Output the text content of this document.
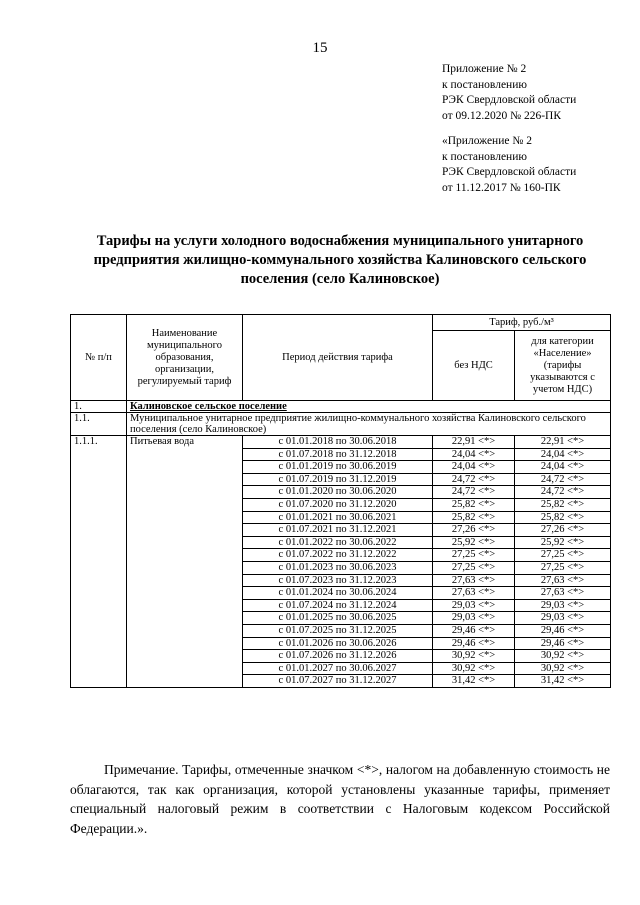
15
Приложение № 2
к постановлению
РЭК Свердловской области
от 09.12.2020 № 226-ПК
«Приложение № 2
к постановлению
РЭК Свердловской области
от 11.12.2017 № 160-ПК
Тарифы на услуги холодного водоснабжения муниципального унитарного предприятия жилищно-коммунального хозяйства Калиновского сельского поселения (село Калиновское)
№ п/п	Наименование муниципального образования, организации, регулируемый тариф	Период действия тарифа	Тариф, руб./м³	
			без НДС	для категории «Население» (тарифы указываются с учетом НДС)
1.	Калиновское сельское поселение			
1.1.	Муниципальное унитарное предприятие жилищно-коммунального хозяйства Калиновского сельского поселения (село Калиновское)			
1.1.1.	Питьевая вода	с 01.01.2018 по 30.06.2018	22,91 <*>	22,91 <*>
		с 01.07.2018 по 31.12.2018	24,04 <*>	24,04 <*>
		с 01.01.2019 по 30.06.2019	24,04 <*>	24,04 <*>
		с 01.07.2019 по 31.12.2019	24,72 <*>	24,72 <*>
		с 01.01.2020 по 30.06.2020	24,72 <*>	24,72 <*>
		с 01.07.2020 по 31.12.2020	25,82 <*>	25,82 <*>
		с 01.01.2021 по 30.06.2021	25,82 <*>	25,82 <*>
		с 01.07.2021 по 31.12.2021	27,26 <*>	27,26 <*>
		с 01.01.2022 по 30.06.2022	25,92 <*>	25,92 <*>
		с 01.07.2022 по 31.12.2022	27,25 <*>	27,25 <*>
		с 01.01.2023 по 30.06.2023	27,25 <*>	27,25 <*>
		с 01.07.2023 по 31.12.2023	27,63 <*>	27,63 <*>
		с 01.01.2024 по 30.06.2024	27,63 <*>	27,63 <*>
		с 01.07.2024 по 31.12.2024	29,03 <*>	29,03 <*>
		с 01.01.2025 по 30.06.2025	29,03 <*>	29,03 <*>
		с 01.07.2025 по 31.12.2025	29,46 <*>	29,46 <*>
		с 01.01.2026 по 30.06.2026	29,46 <*>	29,46 <*>
		с 01.07.2026 по 31.12.2026	30,92 <*>	30,92 <*>
		с 01.01.2027 по 30.06.2027	30,92 <*>	30,92 <*>
		с 01.07.2027 по 31.12.2027	31,42 <*>	31,42 <*>
Примечание. Тарифы, отмеченные значком <*>, налогом на добавленную стоимость не облагаются, так как организация, которой установлены указанные тарифы, применяет специальный налоговый режим в соответствии с Налоговым кодексом Российской Федерации.».
